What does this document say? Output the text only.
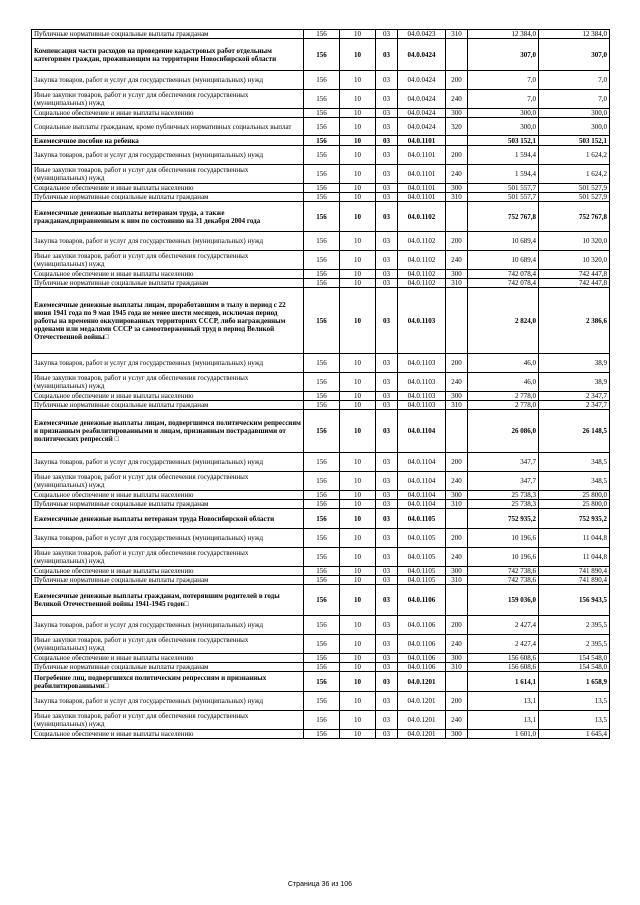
Публичные нормативные социальные выплаты гражданам	156	10	03	04.0.0423	310	12 384,0	12 384,0
Компенсация части расходов на проведение кадастровых работ отдельным категориям граждан, проживающим на территории Новосибирской области	156	10	03	04.0.0424		307,0	307,0
Закупка товаров, работ и услуг для государственных (муниципальных) нужд	156	10	03	04.0.0424	200	7,0	7,0
Иные закупки товаров, работ и услуг для обеспечения государственных (муниципальных) нужд	156	10	03	04.0.0424	240	7,0	7,0
Социальное обеспечение и иные выплаты населению	156	10	03	04.0.0424	300	300,0	300,0
Социальные выплаты гражданам, кроме публичных нормативных социальных выплат	156	10	03	04.0.0424	320	300,0	300,0
Ежемесячное пособие на ребенка	156	10	03	04.0.1101		503 152,1	503 152,1
Закупка товаров, работ и услуг для государственных (муниципальных) нужд	156	10	03	04.0.1101	200	1 594,4	1 624,2
Иные закупки товаров, работ и услуг для обеспечения государственных (муниципальных) нужд	156	10	03	04.0.1101	240	1 594,4	1 624,2
Социальное обеспечение и иные выплаты населению	156	10	03	04.0.1101	300	501 557,7	501 527,9
Публичные нормативные социальные выплаты гражданам	156	10	03	04.0.1101	310	501 557,7	501 527,9
Ежемесячные денежные выплаты ветеранам труда, а также гражданам,приравненным к ним по состоянию на 31 декабря 2004 года	156	10	03	04.0.1102		752 767,8	752 767,8
Закупка товаров, работ и услуг для государственных (муниципальных) нужд	156	10	03	04.0.1102	200	10 689,4	10 320,0
Иные закупки товаров, работ и услуг для обеспечения государственных (муниципальных) нужд	156	10	03	04.0.1102	240	10 689,4	10 320,0
Социальное обеспечение и иные выплаты населению	156	10	03	04.0.1102	300	742 078,4	742 447,8
Публичные нормативные социальные выплаты гражданам	156	10	03	04.0.1102	310	742 078,4	742 447,8
Ежемесячные денежные выплаты лицам, проработавшим в тылу в период с 22 июня 1941 года по 9 мая 1945 года не менее шести месяцев, исключая период работы на временно оккупированных территориях СССР, либо награжденным орденами или медалями СССР за самоотверженный труд в период Великой Отечественной войны□	156	10	03	04.0.1103		2 824,0	2 386,6
Закупка товаров, работ и услуг для государственных (муниципальных) нужд	156	10	03	04.0.1103	200	46,0	38,9
Иные закупки товаров, работ и услуг для обеспечения государственных (муниципальных) нужд	156	10	03	04.0.1103	240	46,0	38,9
Социальное обеспечение и иные выплаты населению	156	10	03	04.0.1103	300	2 778,0	2 347,7
Публичные нормативные социальные выплаты гражданам	156	10	03	04.0.1103	310	2 778,0	2 347,7
Ежемесячные денежные выплаты лицам, подвергшимся политическим репрессиям и признанным реабилитированными и лицам, признанным пострадавшими от политических репрессий □	156	10	03	04.0.1104		26 086,0	26 148,5
Закупка товаров, работ и услуг для государственных (муниципальных) нужд	156	10	03	04.0.1104	200	347,7	348,5
Иные закупки товаров, работ и услуг для обеспечения государственных (муниципальных) нужд	156	10	03	04.0.1104	240	347,7	348,5
Социальное обеспечение и иные выплаты населению	156	10	03	04.0.1104	300	25 738,3	25 800,0
Публичные нормативные социальные выплаты гражданам	156	10	03	04.0.1104	310	25 738,3	25 800,0
Ежемесячные денежные выплаты ветеранам труда Новосибирской области	156	10	03	04.0.1105		752 935,2	752 935,2
Закупка товаров, работ и услуг для государственных (муниципальных) нужд	156	10	03	04.0.1105	200	10 196,6	11 044,8
Иные закупки товаров, работ и услуг для обеспечения государственных (муниципальных) нужд	156	10	03	04.0.1105	240	10 196,6	11 044,8
Социальное обеспечение и иные выплаты населению	156	10	03	04.0.1105	300	742 738,6	741 890,4
Публичные нормативные социальные выплаты гражданам	156	10	03	04.0.1105	310	742 738,6	741 890,4
Ежемесячные денежные выплаты гражданам, потерявшим родителей в годы Великой Отечественной войны 1941-1945 годов□	156	10	03	04.0.1106		159 036,0	156 943,5
Закупка товаров, работ и услуг для государственных (муниципальных) нужд	156	10	03	04.0.1106	200	2 427,4	2 395,5
Иные закупки товаров, работ и услуг для обеспечения государственных (муниципальных) нужд	156	10	03	04.0.1106	240	2 427,4	2 395,5
Социальное обеспечение и иные выплаты населению	156	10	03	04.0.1106	300	156 608,6	154 548,0
Публичные нормативные социальные выплаты гражданам	156	10	03	04.0.1106	310	156 608,6	154 548,0
Погребение лиц, подвергшихся политическим репрессиям и признанных реабилитированными□	156	10	03	04.0.1201		1 614,1	1 658,9
Закупка товаров, работ и услуг для государственных (муниципальных) нужд	156	10	03	04.0.1201	200	13,1	13,5
Иные закупки товаров, работ и услуг для обеспечения государственных (муниципальных) нужд	156	10	03	04.0.1201	240	13,1	13,5
Социальное обеспечение и иные выплаты населению	156	10	03	04.0.1201	300	1 601,0	1 645,4
Страница 36 из 106
